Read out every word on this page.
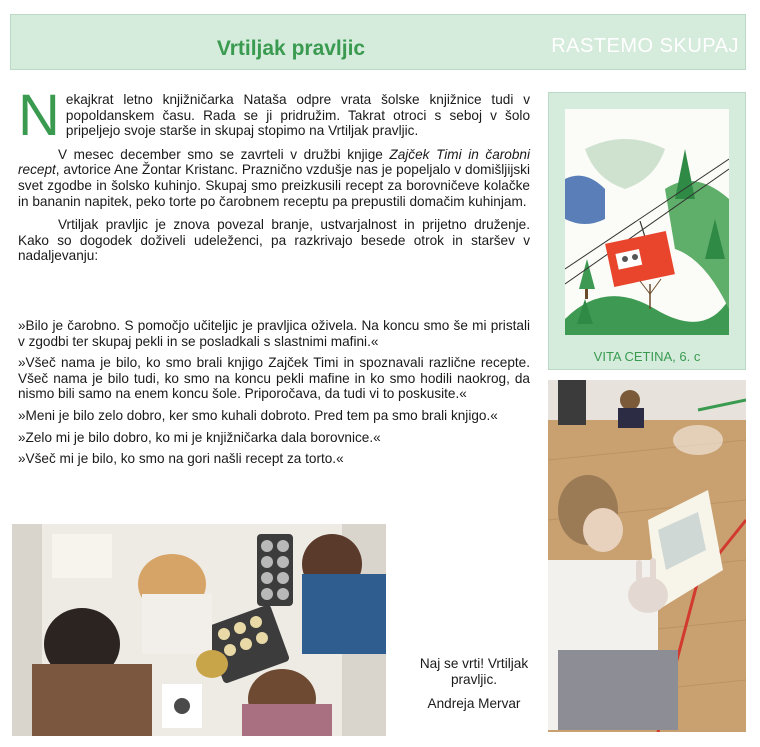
Vrtiljak pravljic	RASTEMO SKUPAJ

Nekajkrat letno knjižničarka Nataša odpre vrata šolske knjižnice tudi v popoldanskem času. Rada se ji pridružim. Takrat otroci s seboj v šolo pripeljejo svoje starše in skupaj stopimo na Vrtiljak pravljic.

V mesec december smo se zavrteli v družbi knjige Zajček Timi in čarobni recept, avtorice Ane Žontar Kristanc. Praznično vzdušje nas je popeljalo v domišljijski svet zgodbe in šolsko kuhinjo. Skupaj smo preizkusili recept za borovničeve kolačke in bananin napitek, peko torte po čarobnem receptu pa prepustili domačim kuhinjam.

Vrtiljak pravljic je znova povezal branje, ustvarjalnost in prijetno druženje. Kako so dogodek doživeli udeleženci, pa razkrivajo besede otrok in staršev v nadaljevanju:

»Bilo je čarobno. S pomočjo učiteljic je pravljica oživela. Na koncu smo še mi pristali v zgodbi ter skupaj pekli in se posladkali s slastnimi mafini.«

»Všeč nama je bilo, ko smo brali knjigo Zajček Timi in spoznavali različne recepte. Všeč nama je bilo tudi, ko smo na koncu pekli mafine in ko smo hodili naokrog, da nismo bili samo na enem koncu šole. Priporočava, da tudi vi to poskusite.«

»Meni je bilo zelo dobro, ker smo kuhali dobroto. Pred tem pa smo brali knjigo.«

»Zelo mi je bilo dobro, ko mi je knjižničarka dala borovnice.«

»Všeč mi je bilo, ko smo na gori našli recept za torto.«

VITA CETINA, 6. c
Naj se vrti! Vrtiljak pravljic.
Andreja Mervar
